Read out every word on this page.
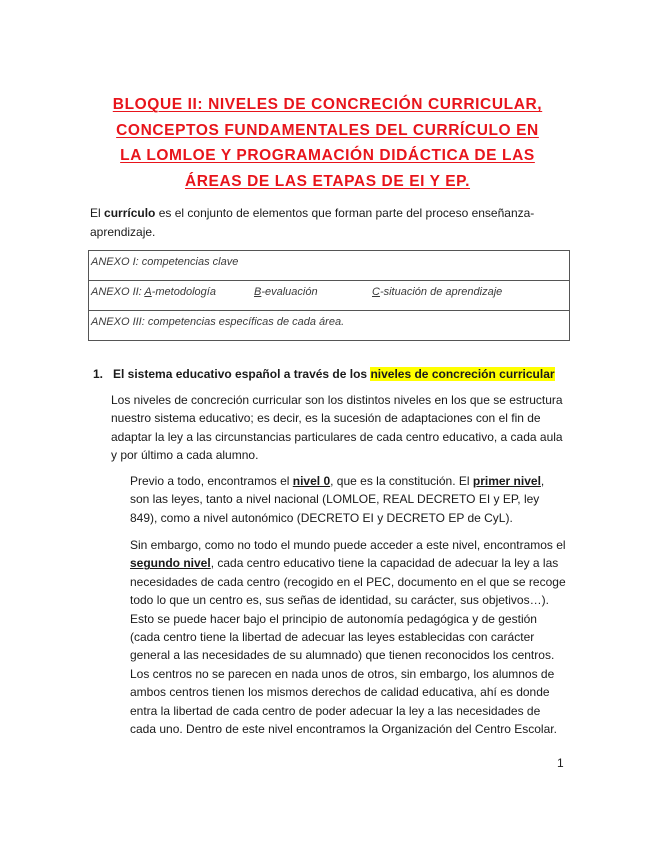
BLOQUE II: NIVELES DE CONCRECIÓN CURRICULAR,
CONCEPTOS FUNDAMENTALES DEL CURRÍCULO EN
LA LOMLOE Y PROGRAMACIÓN DIDÁCTICA DE LAS
ÁREAS DE LAS ETAPAS DE EI Y EP.
El currículo es el conjunto de elementos que forman parte del proceso enseñanza-aprendizaje.
ANEXO I: competencias clave
ANEXO II: A-metodología	B-evaluación	C-situación de aprendizaje
ANEXO III: competencias específicas de cada área.
1. El sistema educativo español a través de los niveles de concreción curricular

Los niveles de concreción curricular son los distintos niveles en los que se estructura nuestro sistema educativo; es decir, es la sucesión de adaptaciones con el fin de adaptar la ley a las circunstancias particulares de cada centro educativo, a cada aula y por último a cada alumno.

Previo a todo, encontramos el nivel 0, que es la constitución. El primer nivel, son las leyes, tanto a nivel nacional (LOMLOE, REAL DECRETO EI y EP, ley 849), como a nivel autonómico (DECRETO EI y DECRETO EP de CyL).

Sin embargo, como no todo el mundo puede acceder a este nivel, encontramos el segundo nivel, cada centro educativo tiene la capacidad de adecuar la ley a las necesidades de cada centro (recogido en el PEC, documento en el que se recoge todo lo que un centro es, sus señas de identidad, su carácter, sus objetivos…). Esto se puede hacer bajo el principio de autonomía pedagógica y de gestión (cada centro tiene la libertad de adecuar las leyes establecidas con carácter general a las necesidades de su alumnado) que tienen reconocidos los centros. Los centros no se parecen en nada unos de otros, sin embargo, los alumnos de ambos centros tienen los mismos derechos de calidad educativa, ahí es donde entra la libertad de cada centro de poder adecuar la ley a las necesidades de cada uno. Dentro de este nivel encontramos la Organización del Centro Escolar.

1
